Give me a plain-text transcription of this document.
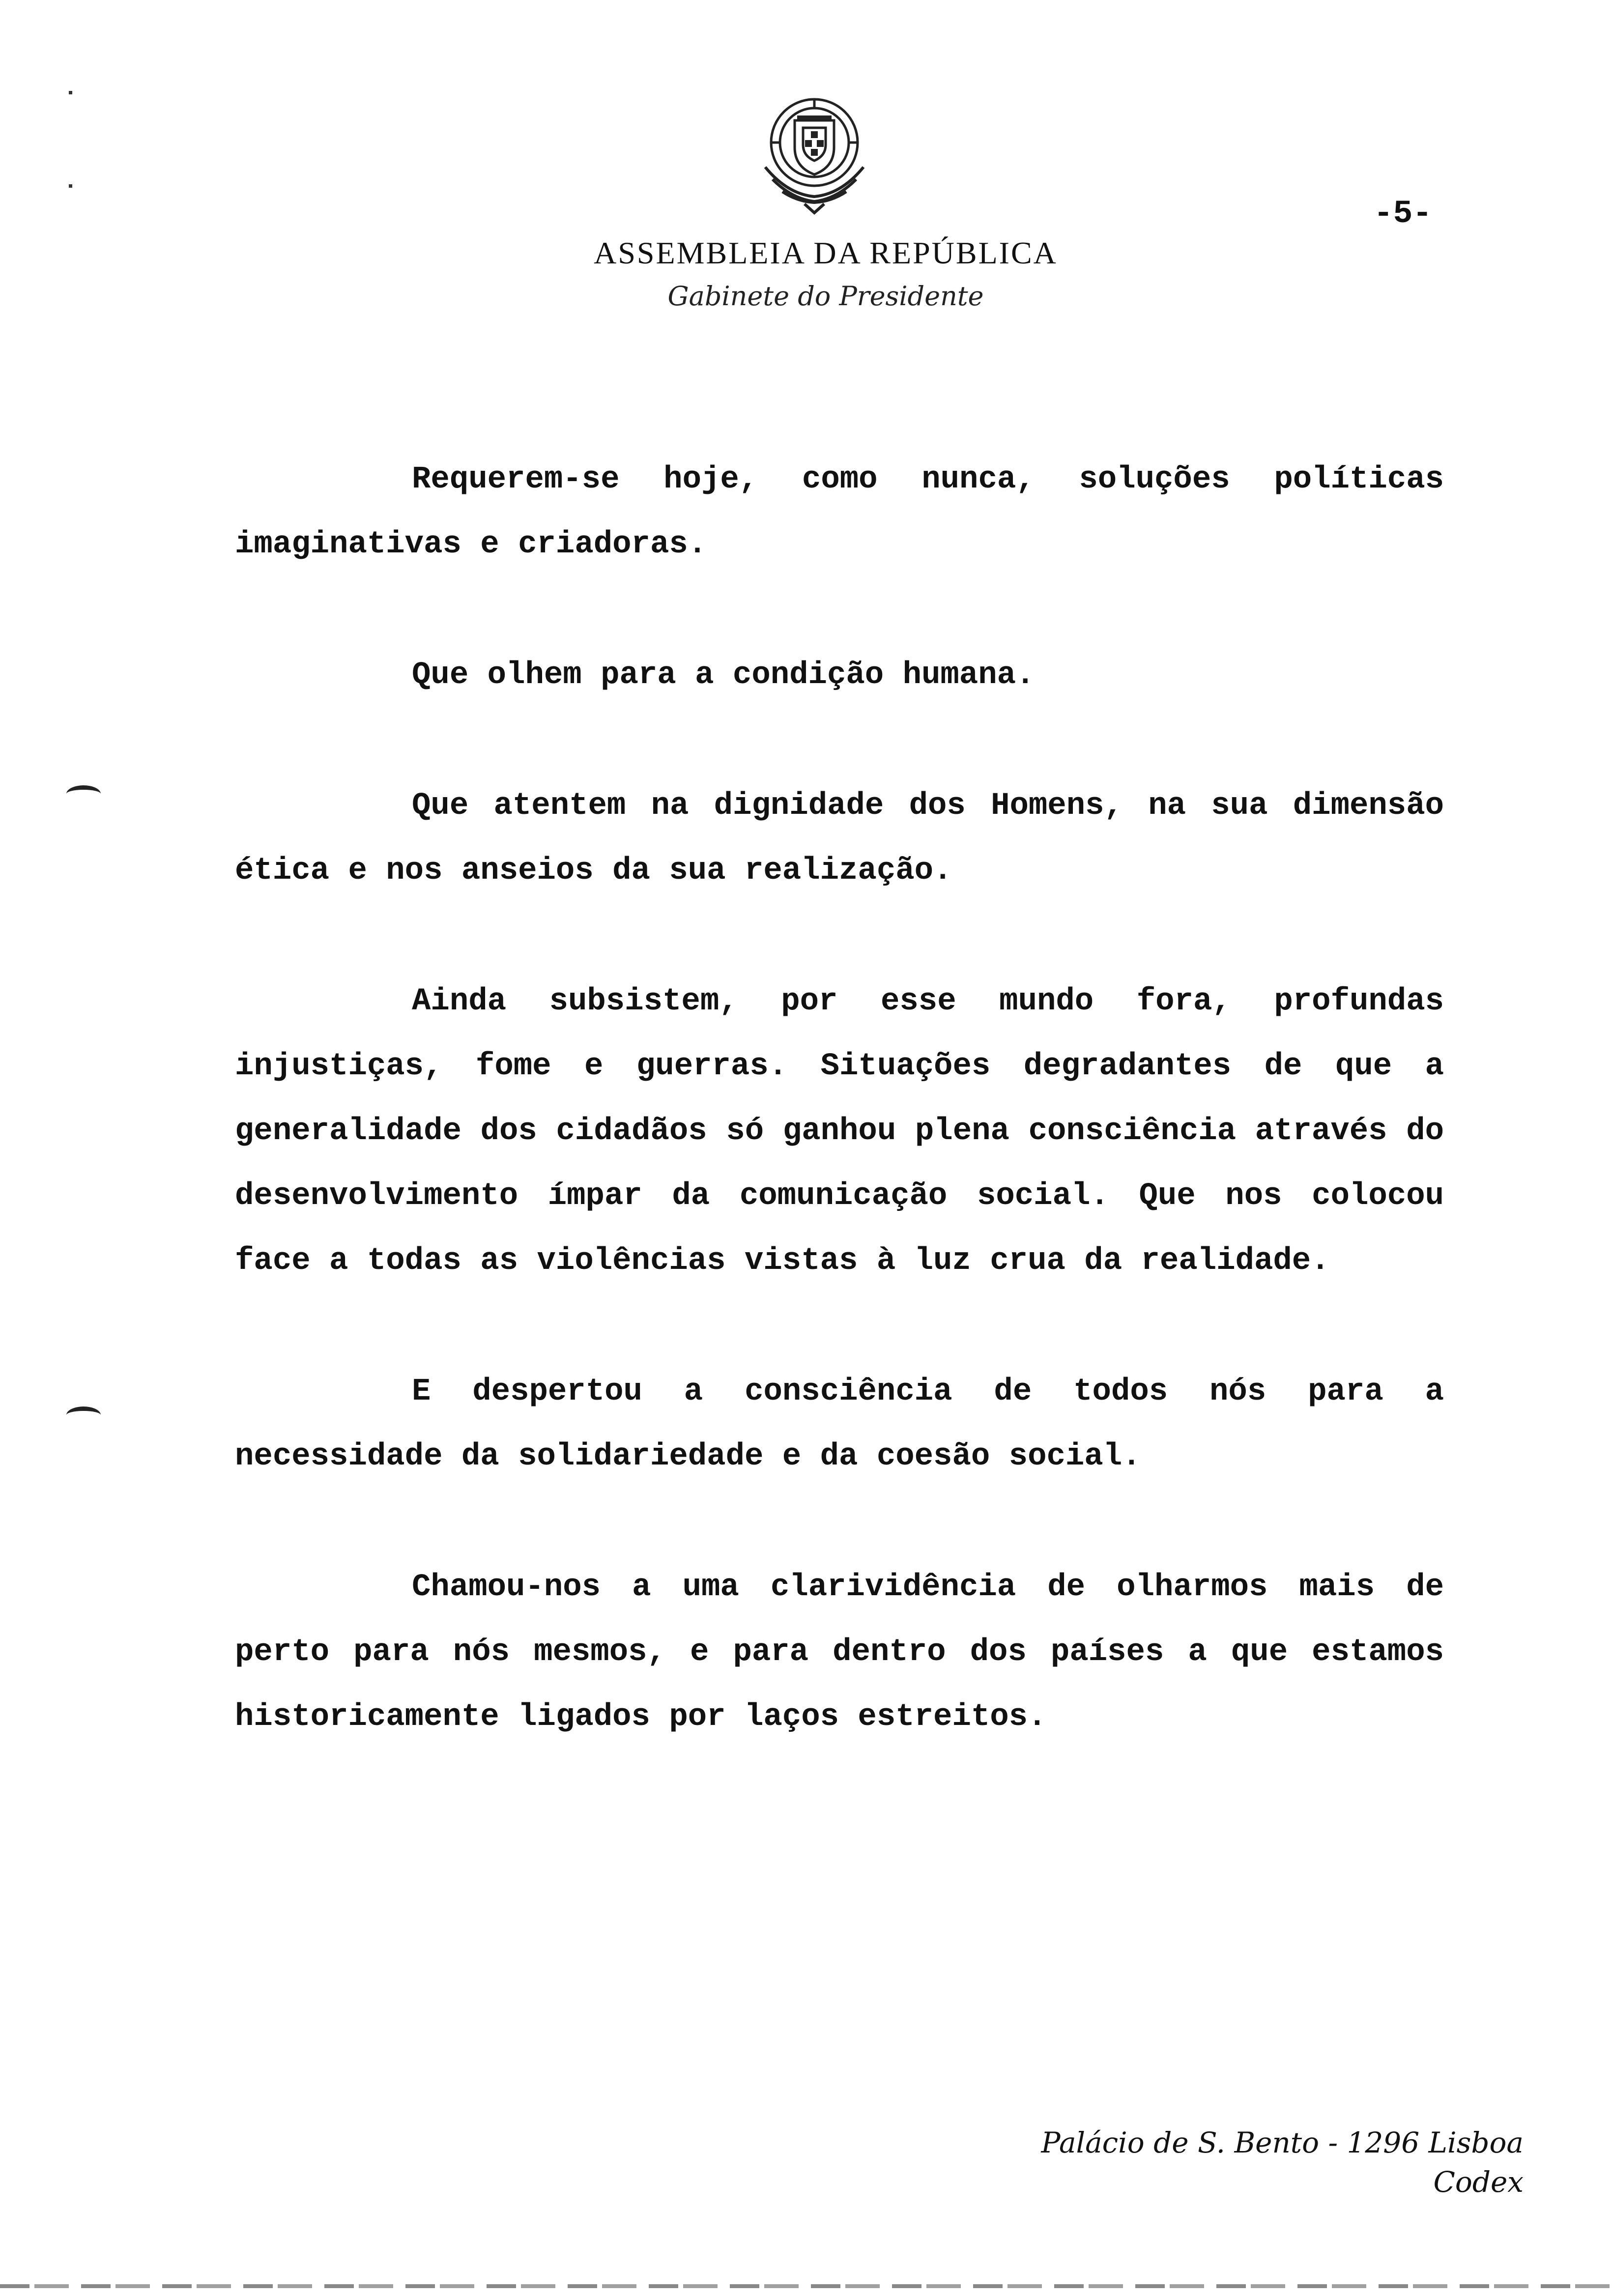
-5-
ASSEMBLEIA DA REPÚBLICA
Gabinete do Presidente

Requerem-se hoje, como nunca, soluções políticas imaginativas e criadoras.

Que olhem para a condição humana.

Que atentem na dignidade dos Homens, na sua dimensão ética e nos anseios da sua realização.

Ainda subsistem, por esse mundo fora, profundas injustiças, fome e guerras. Situações degradantes de que a generalidade dos cidadãos só ganhou plena consciência através do desenvolvimento ímpar da comunicação social. Que nos colocou face a todas as violências vistas à luz crua da realidade.

E despertou a consciência de todos nós para a necessidade da solidariedade e da coesão social.

Chamou-nos a uma clarividência de olharmos mais de perto para nós mesmos, e para dentro dos países a que estamos historicamente ligados por laços estreitos.

Palácio de S. Bento - 1296 Lisboa Codex
